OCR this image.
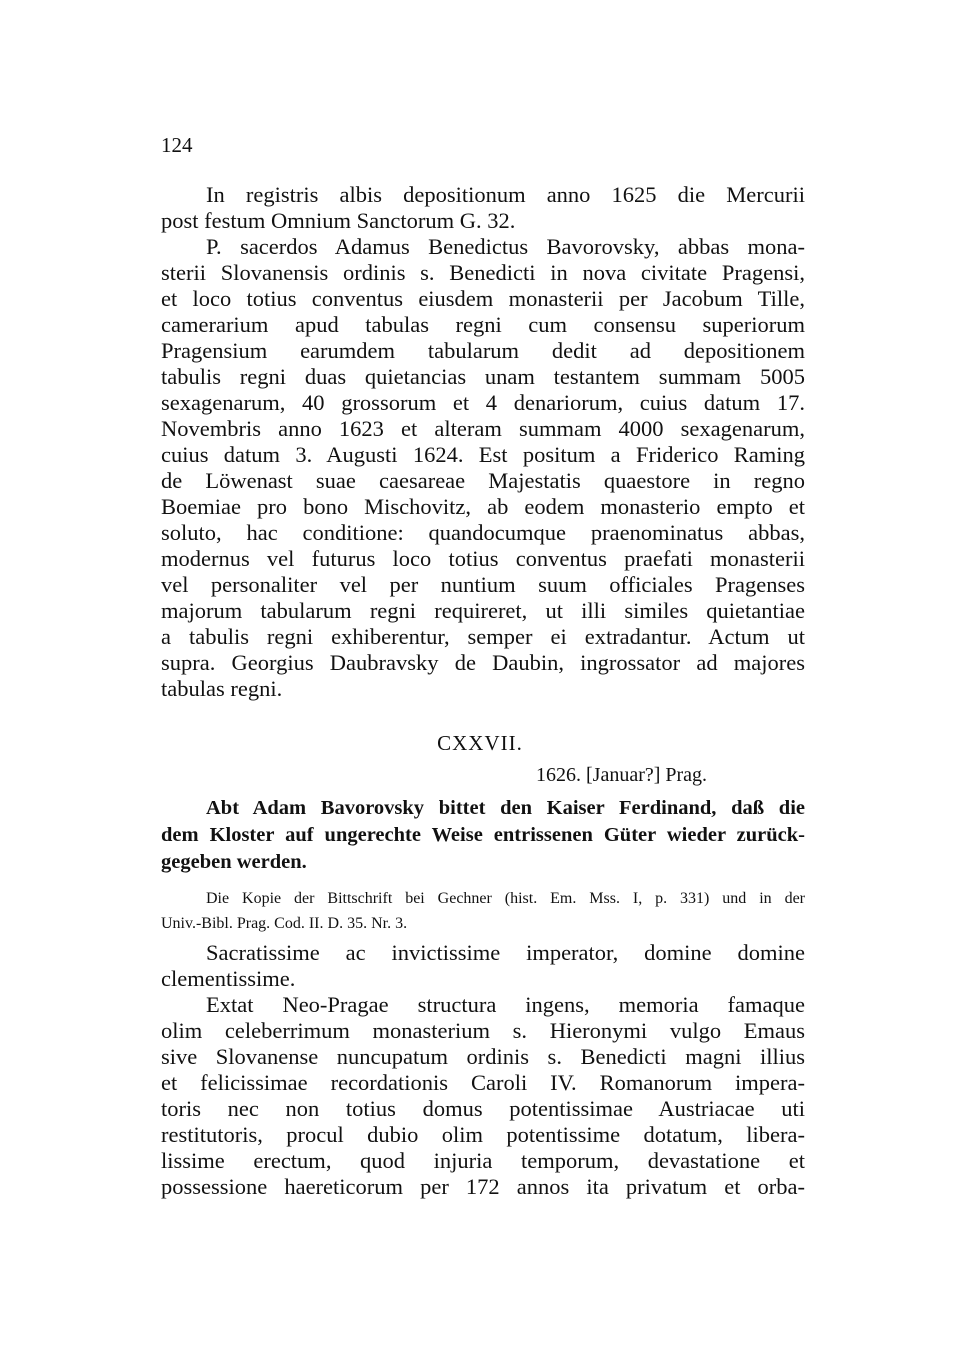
124
In registris albis depositionum anno 1625 die Mercurii
post festum Omnium Sanctorum G. 32.
P. sacerdos Adamus Benedictus Bavorovsky, abbas mona-
sterii Slovanensis ordinis s. Benedicti in nova civitate Pragensi,
et loco totius conventus eiusdem monasterii per Jacobum Tille,
camerarium apud tabulas regni cum consensu superiorum
Pragensium earumdem tabularum dedit ad depositionem
tabulis regni duas quietancias unam testantem summam 5005
sexagenarum, 40 grossorum et 4 denariorum, cuius datum 17.
Novembris anno 1623 et alteram summam 4000 sexagenarum,
cuius datum 3. Augusti 1624. Est positum a Friderico Raming
de Löwenast suae caesareae Majestatis quaestore in regno
Boemiae pro bono Mischovitz, ab eodem monasterio empto et
soluto, hac conditione: quandocumque praenominatus abbas,
modernus vel futurus loco totius conventus praefati monasterii
vel personaliter vel per nuntium suum officiales Pragenses
majorum tabularum regni requireret, ut illi similes quietantiae
a tabulis regni exhiberentur, semper ei extradantur. Actum ut
supra. Georgius Daubravsky de Daubin, ingrossator ad majores
tabulas regni.
CXXVII.
1626. [Januar?] Prag.
Abt Adam Bavorovsky bittet den Kaiser Ferdinand, daß die
dem Kloster auf ungerechte Weise entrissenen Güter wieder zurück-
gegeben werden.
Die Kopie der Bittschrift bei Gechner (hist. Em. Mss. I, p. 331) und in der
Univ.-Bibl. Prag. Cod. II. D. 35. Nr. 3.
Sacratissime ac invictissime imperator, domine domine
clementissime.
Extat Neo-Pragae structura ingens, memoria famaque
olim celeberrimum monasterium s. Hieronymi vulgo Emaus
sive Slovanense nuncupatum ordinis s. Benedicti magni illius
et felicissimae recordationis Caroli IV. Romanorum impera-
toris nec non totius domus potentissimae Austriacae uti
restitutoris, procul dubio olim potentissime dotatum, libera-
lissime erectum, quod injuria temporum, devastatione et
possessione haereticorum per 172 annos ita privatum et orba-
